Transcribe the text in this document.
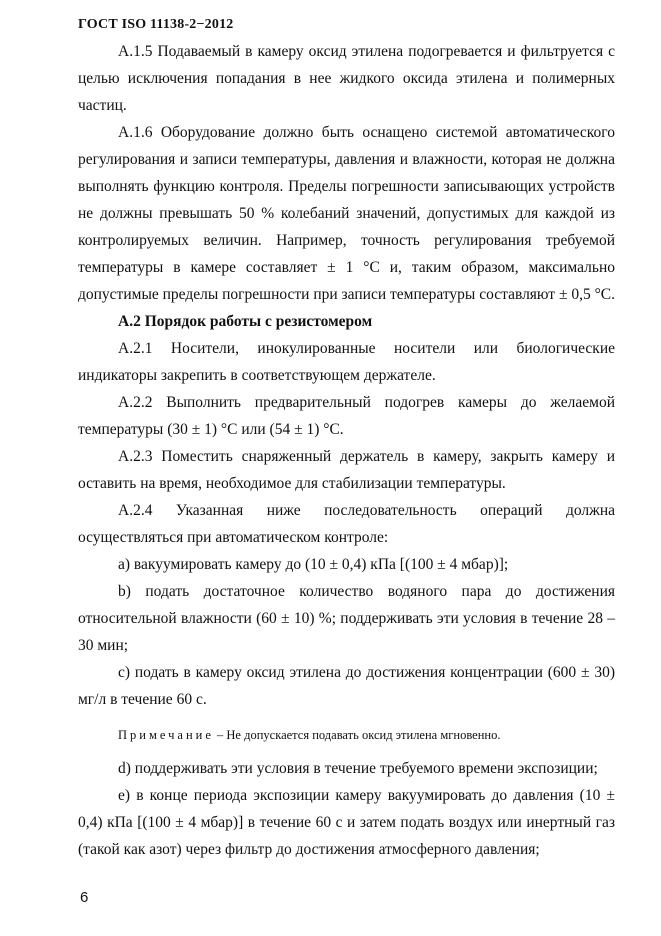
ГОСТ ISO 11138-2−2012

A.1.5 Подаваемый в камеру оксид этилена подогревается и фильтруется с целью исключения попадания в нее жидкого оксида этилена и полимерных частиц.

A.1.6 Оборудование должно быть оснащено системой автоматического регулирования и записи температуры, давления и влажности, которая не должна выполнять функцию контроля. Пределы погрешности записывающих устройств не должны превышать 50 % колебаний значений, допустимых для каждой из контролируемых величин. Например, точность регулирования требуемой температуры в камере составляет ± 1 °С и, таким образом, максимально допустимые пределы погрешности при записи температуры составляют ± 0,5 °С.

А.2 Порядок работы с резистомером

А.2.1 Носители, инокулированные носители или биологические индикаторы закрепить в соответствующем держателе.

А.2.2 Выполнить предварительный подогрев камеры до желаемой температуры (30 ± 1) °С или (54 ± 1) °С.

А.2.3 Поместить снаряженный держатель в камеру, закрыть камеру и оставить на время, необходимое для стабилизации температуры.

А.2.4 Указанная ниже последовательность операций должна осуществляться при автоматическом контроле:

a) вакуумировать камеру до (10 ± 0,4) кПа [(100 ± 4 мбар)];

b) подать достаточное количество водяного пара до достижения относительной влажности (60 ± 10) %; поддерживать эти условия в течение 28 – 30 мин;

c) подать в камеру оксид этилена до достижения концентрации (600 ± 30) мг/л в течение 60 с.

Примечание – Не допускается подавать оксид этилена мгновенно.

d) поддерживать эти условия в течение требуемого времени экспозиции;

e) в конце периода экспозиции камеру вакуумировать до давления (10 ± 0,4) кПа [(100 ± 4 мбар)] в течение 60 с и затем подать воздух или инертный газ (такой как азот) через фильтр до достижения атмосферного давления;

6
